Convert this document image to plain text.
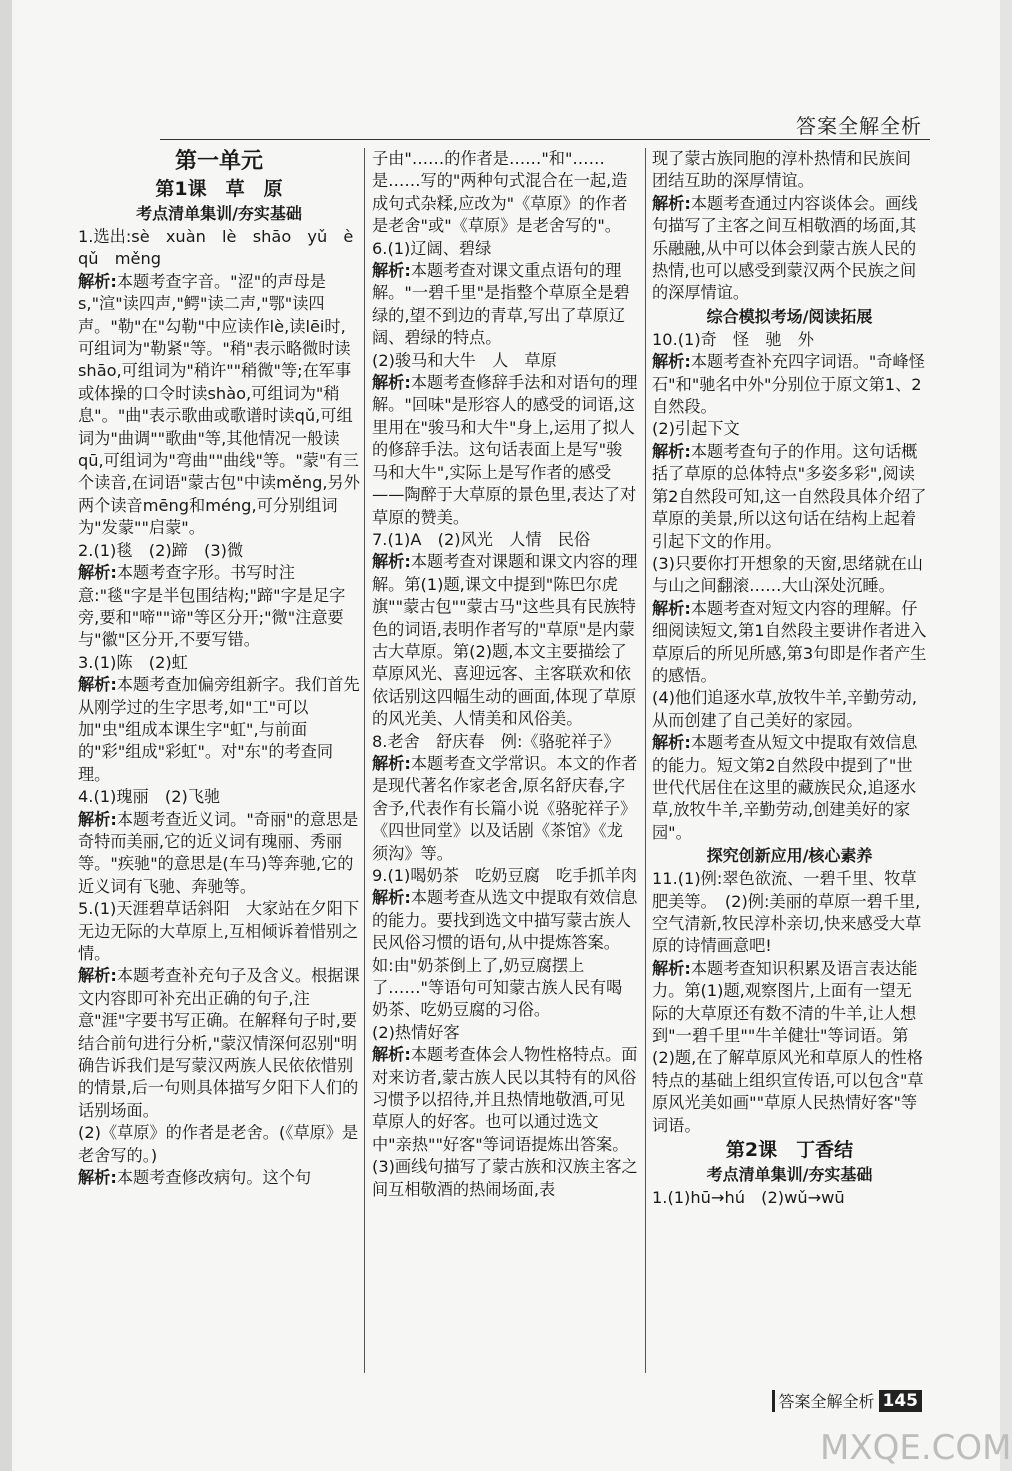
答案全解全析
第一单元
第1课　草　原
考点清单集训/夯实基础
1.选出:sè　xuàn　lè　shāo　yǔ　è　qǔ　měng
解析:本题考查字音。"涩"的声母是s,"渲"读四声,"鳄"读二声,"鄂"读四声。"勒"在"勾勒"中应读作lè,读lēi时,可组词为"勒紧"等。"稍"表示略微时读shāo,可组词为"稍许""稍微"等;在军事或体操的口令时读shào,可组词为"稍息"。"曲"表示歌曲或歌谱时读qǔ,可组词为"曲调""歌曲"等,其他情况一般读qū,可组词为"弯曲""曲线"等。"蒙"有三个读音,在词语"蒙古包"中读měng,另外两个读音mēng和méng,可分别组词为"发蒙""启蒙"。
2.(1)毯　(2)蹄　(3)微
解析:本题考查字形。书写时注意:"毯"字是半包围结构;"蹄"字是足字旁,要和"啼""谛"等区分开;"微"注意要与"徽"区分开,不要写错。
3.(1)陈　(2)虹
解析:本题考查加偏旁组新字。我们首先从刚学过的生字思考,如"工"可以加"虫"组成本课生字"虹",与前面的"彩"组成"彩虹"。对"东"的考查同理。
4.(1)瑰丽　(2)飞驰
解析:本题考查近义词。"奇丽"的意思是奇特而美丽,它的近义词有瑰丽、秀丽等。"疾驰"的意思是(车马)等奔驰,它的近义词有飞驰、奔驰等。
5.(1)天涯碧草话斜阳　大家站在夕阳下无边无际的大草原上,互相倾诉着惜别之情。
解析:本题考查补充句子及含义。根据课文内容即可补充出正确的句子,注意"涯"字要书写正确。在解释句子时,要结合前句进行分析,"蒙汉情深何忍别"明确告诉我们是写蒙汉两族人民依依惜别的情景,后一句则具体描写夕阳下人们的话别场面。
(2)《草原》的作者是老舍。(《草原》是老舍写的。)
解析:本题考查修改病句。这个句
子由"……的作者是……"和"……是……写的"两种句式混合在一起,造成句式杂糅,应改为"《草原》的作者是老舍"或"《草原》是老舍写的"。
6.(1)辽阔、碧绿
解析:本题考查对课文重点语句的理解。"一碧千里"是指整个草原全是碧绿的,望不到边的青草,写出了草原辽阔、碧绿的特点。
(2)骏马和大牛　人　草原
解析:本题考查修辞手法和对语句的理解。"回味"是形容人的感受的词语,这里用在"骏马和大牛"身上,运用了拟人的修辞手法。这句话表面上是写"骏马和大牛",实际上是写作者的感受——陶醉于大草原的景色里,表达了对草原的赞美。
7.(1)A　(2)风光　人情　民俗
解析:本题考查对课题和课文内容的理解。第(1)题,课文中提到"陈巴尔虎旗""蒙古包""蒙古马"这些具有民族特色的词语,表明作者写的"草原"是内蒙古大草原。第(2)题,本文主要描绘了草原风光、喜迎远客、主客联欢和依依话别这四幅生动的画面,体现了草原的风光美、人情美和风俗美。
8.老舍　舒庆春　例:《骆驼祥子》
解析:本题考查文学常识。本文的作者是现代著名作家老舍,原名舒庆春,字舍予,代表作有长篇小说《骆驼祥子》《四世同堂》以及话剧《茶馆》《龙须沟》等。
9.(1)喝奶茶　吃奶豆腐　吃手抓羊肉
解析:本题考查从选文中提取有效信息的能力。要找到选文中描写蒙古族人民风俗习惯的语句,从中提炼答案。如:由"奶茶倒上了,奶豆腐摆上了……"等语句可知蒙古族人民有喝奶茶、吃奶豆腐的习俗。
(2)热情好客
解析:本题考查体会人物性格特点。面对来访者,蒙古族人民以其特有的风俗习惯予以招待,并且热情地敬酒,可见草原人的好客。也可以通过选文中"亲热""好客"等词语提炼出答案。
(3)画线句描写了蒙古族和汉族主客之间互相敬酒的热闹场面,表
现了蒙古族同胞的淳朴热情和民族间团结互助的深厚情谊。
解析:本题考查通过内容谈体会。画线句描写了主客之间互相敬酒的场面,其乐融融,从中可以体会到蒙古族人民的热情,也可以感受到蒙汉两个民族之间的深厚情谊。
综合模拟考场/阅读拓展
10.(1)奇　怪　驰　外
解析:本题考查补充四字词语。"奇峰怪石"和"驰名中外"分别位于原文第1、2自然段。
(2)引起下文
解析:本题考查句子的作用。这句话概括了草原的总体特点"多姿多彩",阅读第2自然段可知,这一自然段具体介绍了草原的美景,所以这句话在结构上起着引起下文的作用。
(3)只要你打开想象的天窗,思绪就在山与山之间翻滚……大山深处沉睡。
解析:本题考查对短文内容的理解。仔细阅读短文,第1自然段主要讲作者进入草原后的所见所感,第3句即是作者产生的感悟。
(4)他们追逐水草,放牧牛羊,辛勤劳动,从而创建了自己美好的家园。
解析:本题考查从短文中提取有效信息的能力。短文第2自然段中提到了"世世代代居住在这里的藏族民众,追逐水草,放牧牛羊,辛勤劳动,创建美好的家园"。
探究创新应用/核心素养
11.(1)例:翠色欲流、一碧千里、牧草肥美等。　(2)例:美丽的草原一碧千里,空气清新,牧民淳朴亲切,快来感受大草原的诗情画意吧!
解析:本题考查知识积累及语言表达能力。第(1)题,观察图片,上面有一望无际的大草原还有数不清的牛羊,让人想到"一碧千里""牛羊健壮"等词语。第(2)题,在了解草原风光和草原人的性格特点的基础上组织宣传语,可以包含"草原风光美如画""草原人民热情好客"等词语。
第2课　丁香结
考点清单集训/夯实基础
1.(1)hū→hú　(2)wǔ→wū
答案全解全析 145
MXQE.COM
